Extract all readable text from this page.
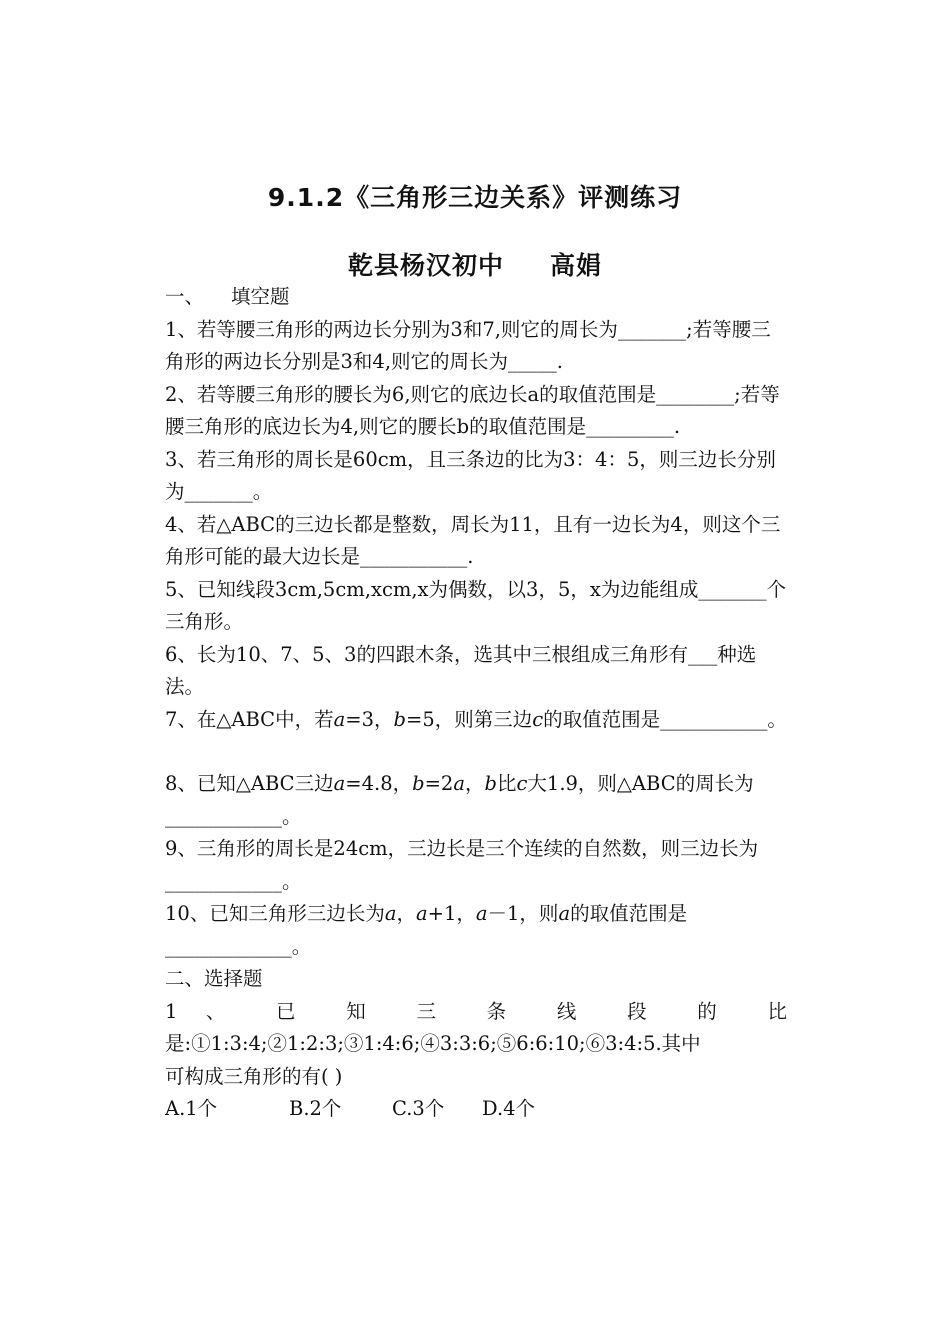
9.1.2《三角形三边关系》评测练习
乾县杨汉初中 高娟

一、 填空题

1、若等腰三角形的两边长分别为3和7,则它的周长为_______;若等腰三角形的两边长分别是3和4,则它的周长为_____.

2、若等腰三角形的腰长为6,则它的底边长a的取值范围是________;若等腰三角形的底边长为4,则它的腰长b的取值范围是_________.

3、若三角形的周长是60cm，且三条边的比为3：4：5，则三边长分别为_______。

4、若△ABC的三边长都是整数，周长为11，且有一边长为4，则这个三角形可能的最大边长是___________.

5、已知线段3cm,5cm,xcm,x为偶数，以3，5，x为边能组成_______个三角形。

6、长为10、7、5、3的四跟木条，选其中三根组成三角形有___种选法。

7、在△ABC中，若a=3，b=5，则第三边c的取值范围是___________。

8、已知△ABC三边a=4.8，b=2a，b比c大1.9，则△ABC的周长为____________。

9、三角形的周长是24cm，三边长是三个连续的自然数，则三边长为____________。

10、已知三角形三边长为a，a+1，a－1，则a的取值范围是_____________。

二、选择题

1 、 已 知 三 条 线 段 的 比

是:①1:3:4;②1:2:3;③1:4:6;④3:3:6;⑤6:6:10;⑥3:4:5.其中

可构成三角形的有( )

A.1个	B.2个	C.3个 D.4个
